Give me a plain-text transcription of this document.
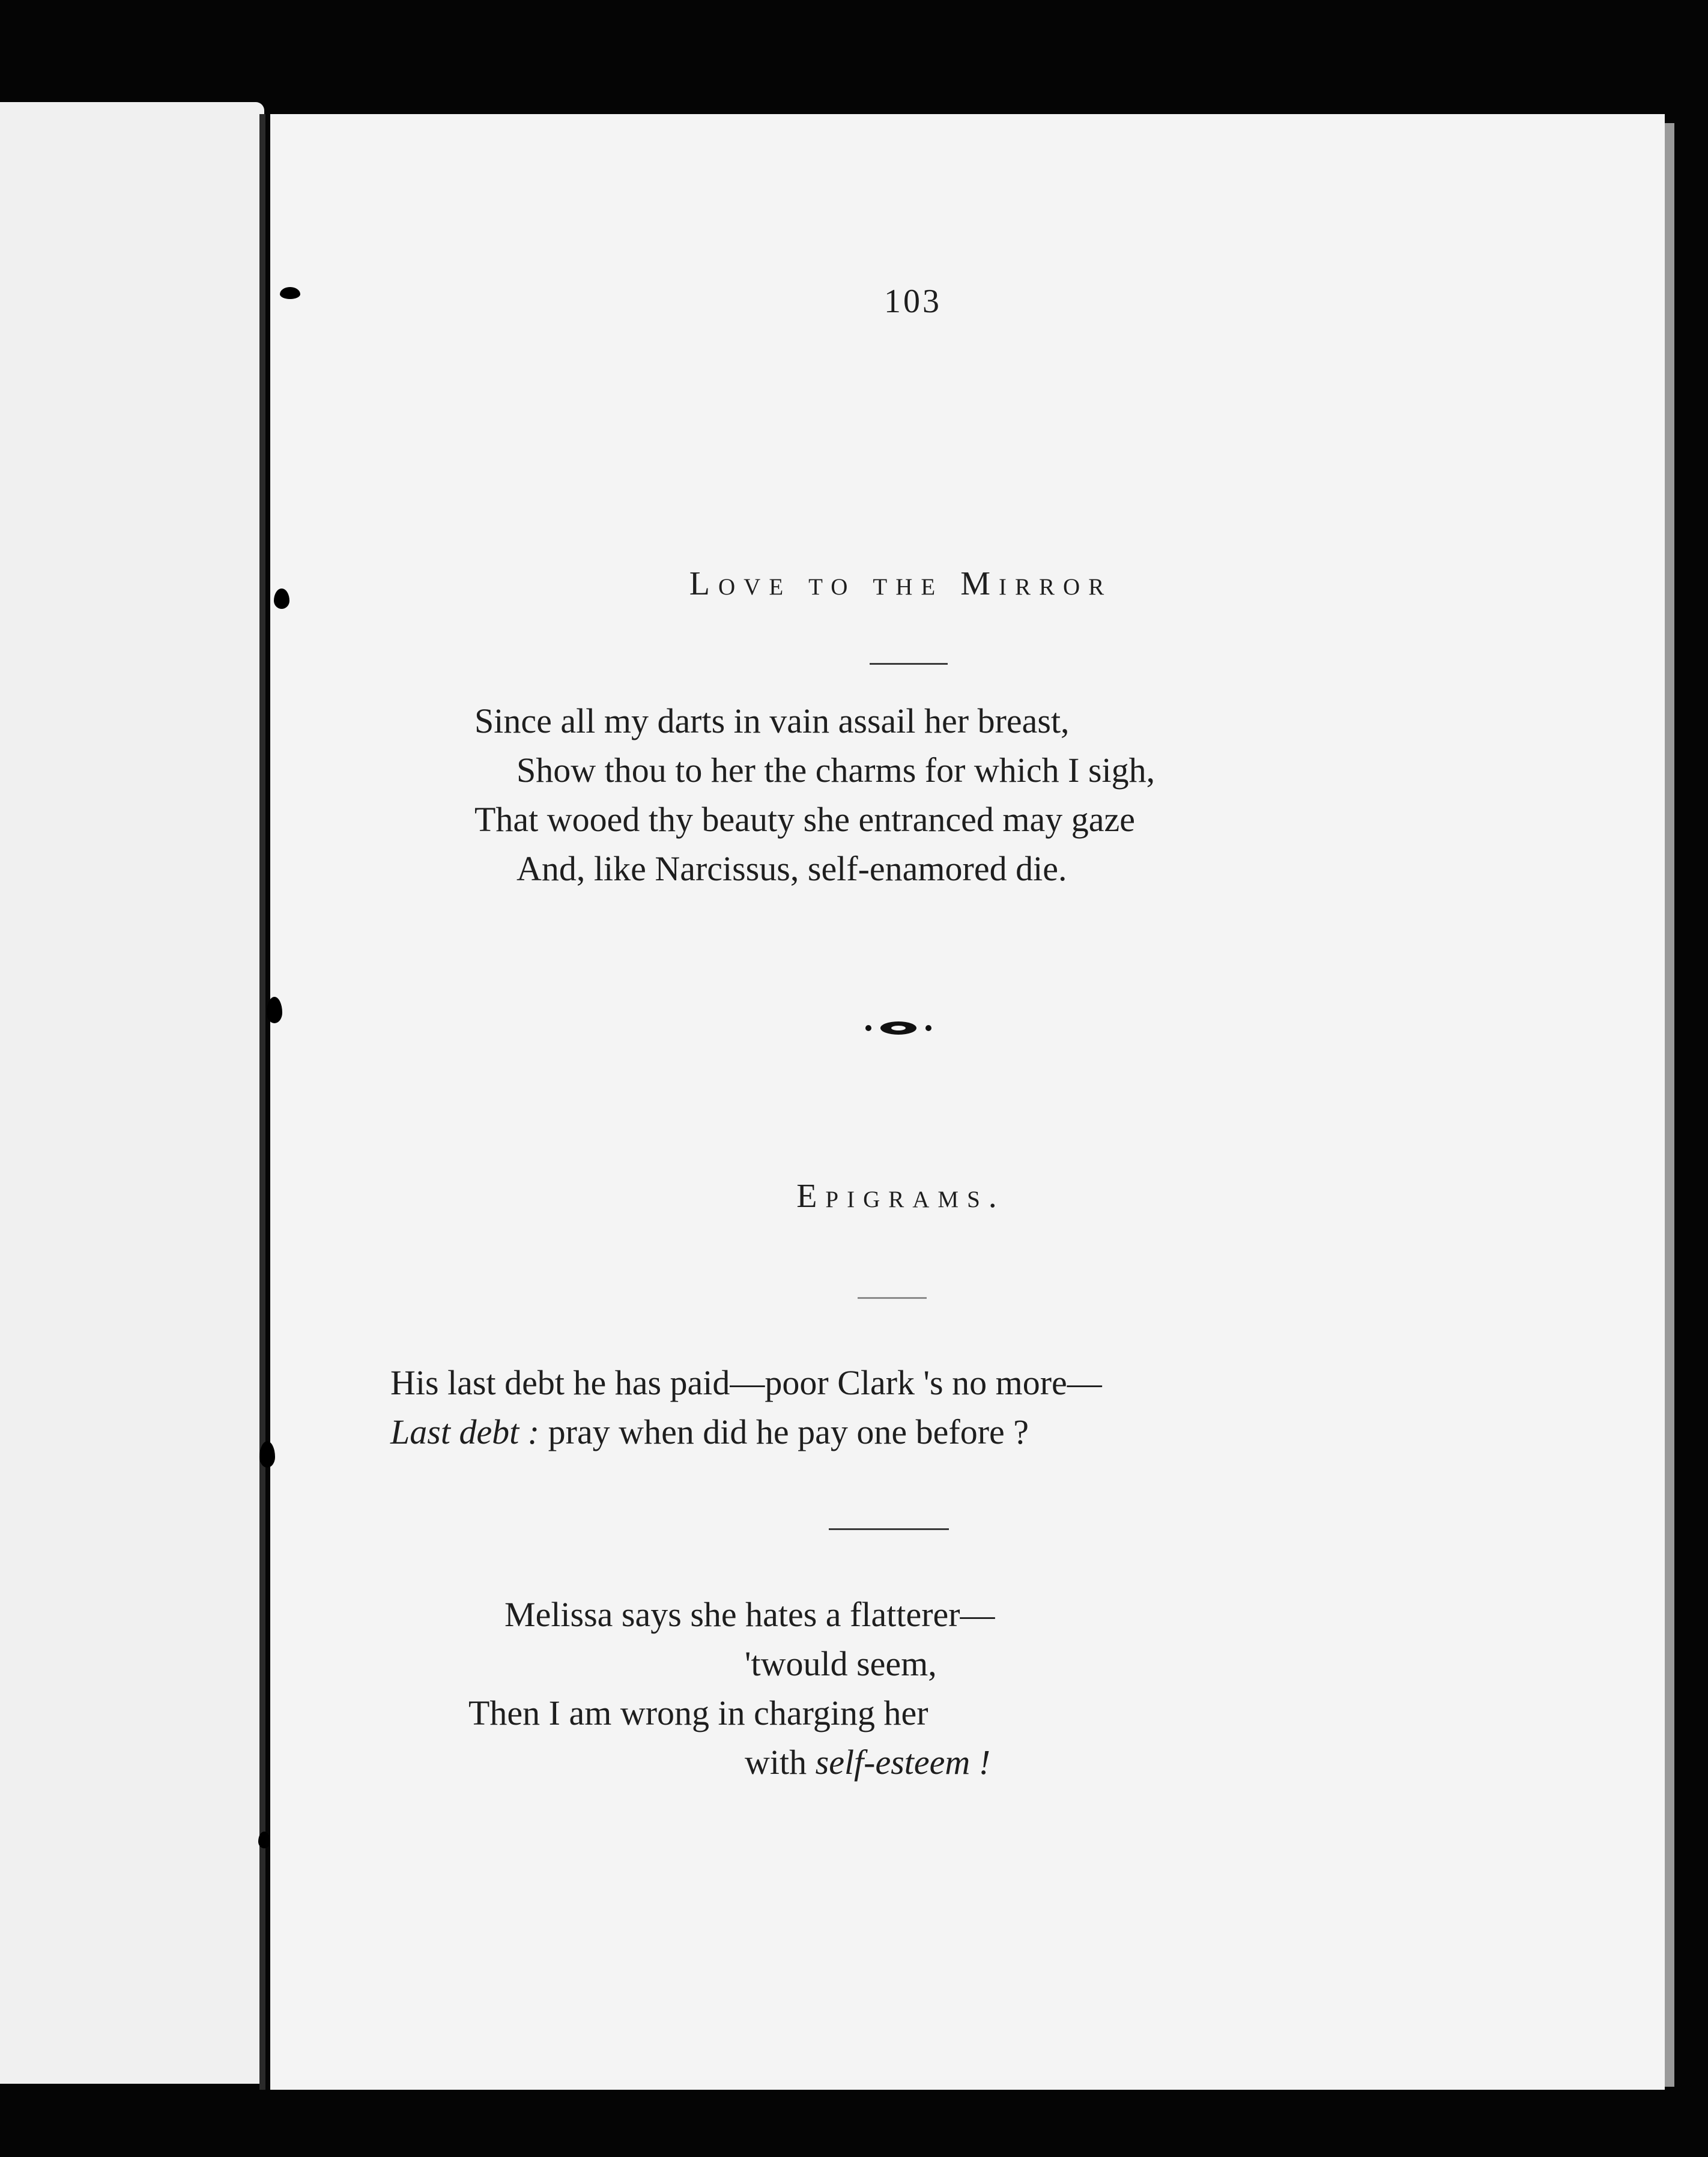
103
Love to the Mirror
Since all my darts in vain assail her breast,
Show thou to her the charms for which I sigh,
That wooed thy beauty she entranced may gaze
And, like Narcissus, self-enamored die.
Epigrams.
His last debt he has paid—poor Clark 's no more—
Last debt : pray when did he pay one before ?
Melissa says she hates a flatterer—
'twould seem,
Then I am wrong in charging her
with self-esteem !
